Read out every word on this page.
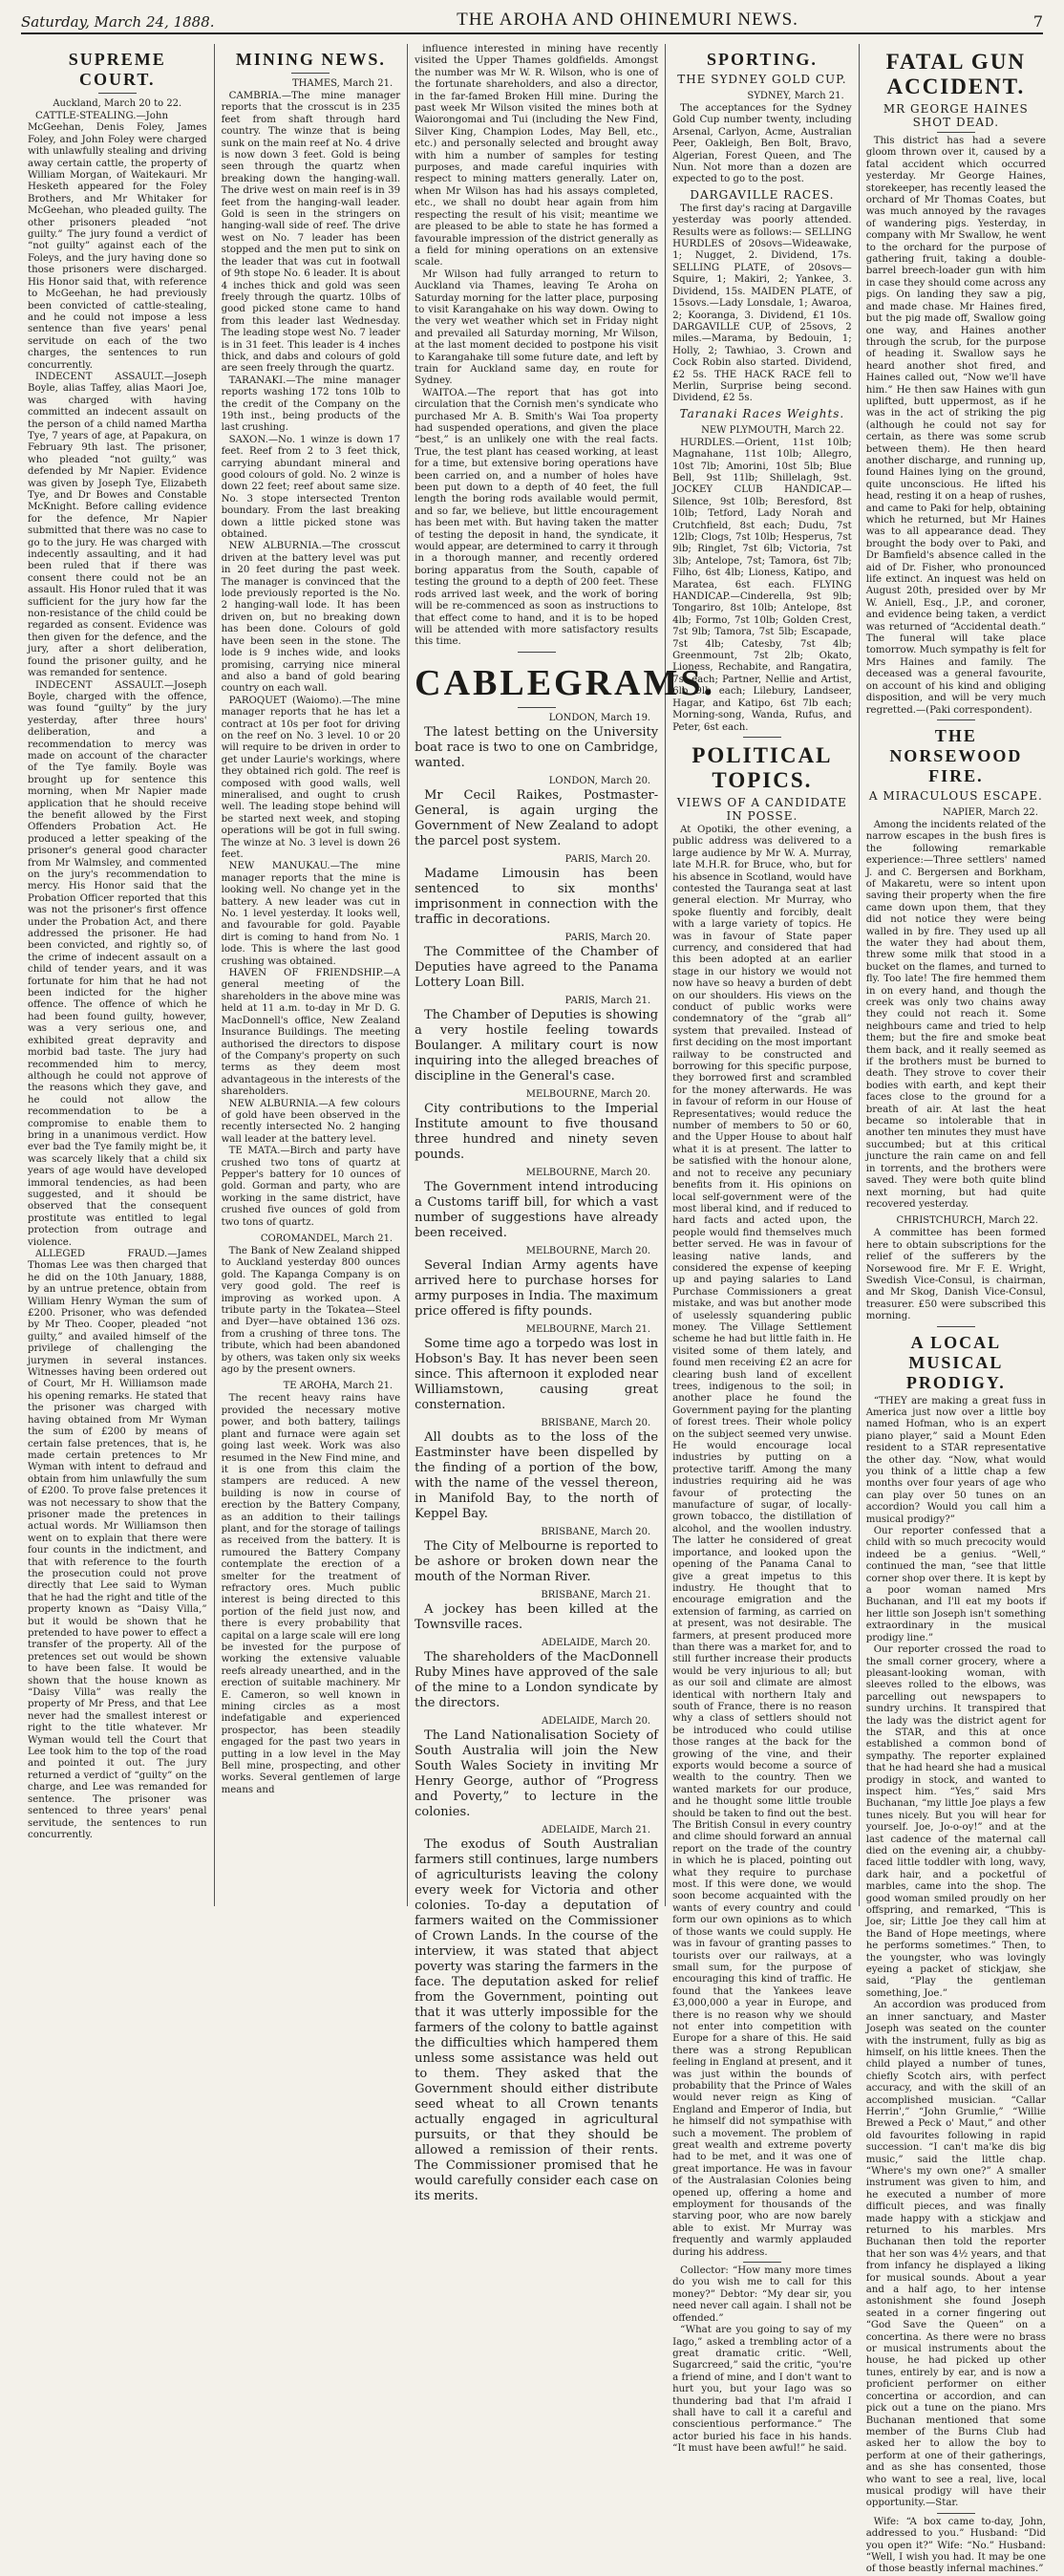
Saturday, March 24, 1888.	THE AROHA AND OHINEMURI NEWS.	7
SUPREME COURT.
Auckland, March 20 to 22.

CATTLE-STEALING.—John McGeehan, Denis Foley, James Foley, and John Foley were charged with unlawfully stealing and driving away certain cattle, the property of William Morgan, of Waitekauri. Mr Hesketh appeared for the Foley Brothers, and Mr Whitaker for McGeehan, who pleaded guilty. The other prisoners pleaded “not guilty.” The jury found a verdict of “not guilty” against each of the Foleys, and the jury having done so those prisoners were discharged. His Honor said that, with reference to McGeehan, he had previously been convicted of cattle-stealing, and he could not impose a less sentence than five years' penal servitude on each of the two charges, the sentences to run concurrently.

INDECENT ASSAULT.—Joseph Boyle, alias Taffey, alias Maori Joe, was charged with having committed an indecent assault on the person of a child named Martha Tye, 7 years of age, at Papakura, on February 9th last. The prisoner, who pleaded “not guilty,” was defended by Mr Napier. Evidence was given by Joseph Tye, Elizabeth Tye, and Dr Bowes and Constable McKnight. Before calling evidence for the defence, Mr Napier submitted that there was no case to go to the jury. He was charged with indecently assaulting, and it had been ruled that if there was consent there could not be an assault. His Honor ruled that it was sufficient for the jury how far the non-resistance of the child could be regarded as consent. Evidence was then given for the defence, and the jury, after a short deliberation, found the prisoner guilty, and he was remanded for sentence.

INDECENT ASSAULT.—Joseph Boyle, charged with the offence, was found “guilty” by the jury yesterday, after three hours' deliberation, and a recommendation to mercy was made on account of the character of the Tye family. Boyle was brought up for sentence this morning, when Mr Napier made application that he should receive the benefit allowed by the First Offenders Probation Act. He produced a letter speaking of the prisoner's general good character from Mr Walmsley, and commented on the jury's recommendation to mercy. His Honor said that the Probation Officer reported that this was not the prisoner's first offence under the Probation Act, and there addressed the prisoner. He had been convicted, and rightly so, of the crime of indecent assault on a child of tender years, and it was fortunate for him that he had not been indicted for the higher offence. The offence of which he had been found guilty, however, was a very serious one, and exhibited great depravity and morbid bad taste. The jury had recommended him to mercy, although he could not approve of the reasons which they gave, and he could not allow the recommendation to be a compromise to enable them to bring in a unanimous verdict. How ever bad the Tye family might be, it was scarcely likely that a child six years of age would have developed immoral tendencies, as had been suggested, and it should be observed that the consequent prostitute was entitled to legal protection from outrage and violence.

ALLEGED FRAUD.—James Thomas Lee was then charged that he did on the 10th January, 1888, by an untrue pretence, obtain from William Henry Wyman the sum of £200. Prisoner, who was defended by Mr Theo. Cooper, pleaded “not guilty,” and availed himself of the privilege of challenging the jurymen in several instances. Witnesses having been ordered out of Court, Mr H. Williamson made his opening remarks. He stated that the prisoner was charged with having obtained from Mr Wyman the sum of £200 by means of certain false pretences, that is, he made certain pretences to Mr Wyman with intent to defraud and obtain from him unlawfully the sum of £200. To prove false pretences it was not necessary to show that the prisoner made the pretences in actual words. Mr Williamson then went on to explain that there were four counts in the indictment, and that with reference to the fourth the prosecution could not prove directly that Lee said to Wyman that he had the right and title of the property known as “Daisy Villa,” but it would be shown that he pretended to have power to effect a transfer of the property. All of the pretences set out would be shown to have been false. It would be shown that the house known as “Daisy Villa” was really the property of Mr Press, and that Lee never had the smallest interest or right to the title whatever. Mr Wyman would tell the Court that Lee took him to the top of the road and pointed it out. The jury returned a verdict of “guilty” on the charge, and Lee was remanded for sentence. The prisoner was sentenced to three years' penal servitude, the sentences to run concurrently.

MINING NEWS.
THAMES, March 21.

CAMBRIA.—The mine manager reports that the crosscut is in 235 feet from shaft through hard country. The winze that is being sunk on the main reef at No. 4 drive is now down 3 feet. Gold is being seen through the quartz when breaking down the hanging-wall. The drive west on main reef is in 39 feet from the hanging-wall leader. Gold is seen in the stringers on hanging-wall side of reef. The drive west on No. 7 leader has been stopped and the men put to sink on the leader that was cut in footwall of 9th stope No. 6 leader. It is about 4 inches thick and gold was seen freely through the quartz. 10lbs of good picked stone came to hand from this leader last Wednesday. The leading stope west No. 7 leader is in 31 feet. This leader is 4 inches thick, and dabs and colours of gold are seen freely through the quartz.

TARANAKI.—The mine manager reports washing 172 tons 10lb to the credit of the Company on the 19th inst., being products of the last crushing.

SAXON.—No. 1 winze is down 17 feet. Reef from 2 to 3 feet thick, carrying abundant mineral and good colours of gold. No. 2 winze is down 22 feet; reef about same size. No. 3 stope intersected Trenton boundary. From the last breaking down a little picked stone was obtained.

NEW ALBURNIA.—The crosscut driven at the battery level was put in 20 feet during the past week. The manager is convinced that the lode previously reported is the No. 2 hanging-wall lode. It has been driven on, but no breaking down has been done. Colours of gold have been seen in the stone. The lode is 9 inches wide, and looks promising, carrying nice mineral and also a band of gold bearing country on each wall.

PAROQUET (Waiomo).—The mine manager reports that he has let a contract at 10s per foot for driving on the reef on No. 3 level. 10 or 20 will require to be driven in order to get under Laurie's workings, where they obtained rich gold. The reef is composed with good walls, well mineralised, and ought to crush well. The leading stope behind will be started next week, and stoping operations will be got in full swing. The winze at No. 3 level is down 26 feet.

NEW MANUKAU.—The mine manager reports that the mine is looking well. No change yet in the battery. A new leader was cut in No. 1 level yesterday. It looks well, and favourable for gold. Payable dirt is coming to hand from No. 1 lode. This is where the last good crushing was obtained.

HAVEN OF FRIENDSHIP.—A general meeting of the shareholders in the above mine was held at 11 a.m. to-day in Mr D. G. MacDonnell's office, New Zealand Insurance Buildings. The meeting authorised the directors to dispose of the Company's property on such terms as they deem most advantageous in the interests of the shareholders.

NEW ALBURNIA.—A few colours of gold have been observed in the recently intersected No. 2 hanging wall leader at the battery level.

TE MATA.—Birch and party have crushed two tons of quartz at Pepper's battery for 10 ounces of gold. Gorman and party, who are working in the same district, have crushed five ounces of gold from two tons of quartz.

COROMANDEL, March 21.

The Bank of New Zealand shipped to Auckland yesterday 800 ounces gold. The Kapanga Company is on very good gold. The reef is improving as worked upon. A tribute party in the Tokatea—Steel and Dyer—have obtained 136 ozs. from a crushing of three tons. The tribute, which had been abandoned by others, was taken only six weeks ago by the present owners.

TE AROHA, March 21.

The recent heavy rains have provided the necessary motive power, and both battery, tailings plant and furnace were again set going last week. Work was also resumed in the New Find mine, and it is one from this claim the stampers are reduced. A new building is now in course of erection by the Battery Company, as an addition to their tailings plant, and for the storage of tailings as received from the battery. It is rumoured the Battery Company contemplate the erection of a smelter for the treatment of refractory ores. Much public interest is being directed to this portion of the field just now, and there is every probability that capital on a large scale will ere long be invested for the purpose of working the extensive valuable reefs already unearthed, and in the erection of suitable machinery. Mr E. Cameron, so well known in mining circles as a most indefatigable and experienced prospector, has been steadily engaged for the past two years in putting in a low level in the May Bell mine, prospecting, and other works. Several gentlemen of large means and

influence interested in mining have recently visited the Upper Thames goldfields. Amongst the number was Mr W. R. Wilson, who is one of the fortunate shareholders, and also a director, in the far-famed Broken Hill mine. During the past week Mr Wilson visited the mines both at Waiorongomai and Tui (including the New Find, Silver King, Champion Lodes, May Bell, etc., etc.) and personally selected and brought away with him a number of samples for testing purposes, and made careful inquiries with respect to mining matters generally. Later on, when Mr Wilson has had his assays completed, etc., we shall no doubt hear again from him respecting the result of his visit; meantime we are pleased to be able to state he has formed a favourable impression of the district generally as a field for mining operations on an extensive scale.

Mr Wilson had fully arranged to return to Auckland via Thames, leaving Te Aroha on Saturday morning for the latter place, purposing to visit Karangahake on his way down. Owing to the very wet weather which set in Friday night and prevailed all Saturday morning, Mr Wilson, at the last moment decided to postpone his visit to Karangahake till some future date, and left by train for Auckland same day, en route for Sydney.

WAITOA.—The report that has got into circulation that the Cornish men's syndicate who purchased Mr A. B. Smith's Wai Toa property had suspended operations, and given the place “best,” is an unlikely one with the real facts. True, the test plant has ceased working, at least for a time, but extensive boring operations have been carried on, and a number of holes have been put down to a depth of 40 feet, the full length the boring rods available would permit, and so far, we believe, but little encouragement has been met with. But having taken the matter of testing the deposit in hand, the syndicate, it would appear, are determined to carry it through in a thorough manner, and recently ordered boring apparatus from the South, capable of testing the ground to a depth of 200 feet. These rods arrived last week, and the work of boring will be re-commenced as soon as instructions to that effect come to hand, and it is to be hoped will be attended with more satisfactory results this time.

CABLEGRAMS.
LONDON, March 19.

The latest betting on the University boat race is two to one on Cambridge, wanted.

LONDON, March 20.

Mr Cecil Raikes, Postmaster-General, is again urging the Government of New Zealand to adopt the parcel post system.

PARIS, March 20.

Madame Limousin has been sentenced to six months' imprisonment in connection with the traffic in decorations.

PARIS, March 20.

The Committee of the Chamber of Deputies have agreed to the Panama Lottery Loan Bill.

PARIS, March 21.

The Chamber of Deputies is showing a very hostile feeling towards Boulanger. A military court is now inquiring into the alleged breaches of discipline in the General's case.

MELBOURNE, March 20.

City contributions to the Imperial Institute amount to five thousand three hundred and ninety seven pounds.

MELBOURNE, March 20.

The Government intend introducing a Customs tariff bill, for which a vast number of suggestions have already been received.

MELBOURNE, March 20.

Several Indian Army agents have arrived here to purchase horses for army purposes in India. The maximum price offered is fifty pounds.

MELBOURNE, March 21.

Some time ago a torpedo was lost in Hobson's Bay. It has never been seen since. This afternoon it exploded near Williamstown, causing great consternation.

BRISBANE, March 20.

All doubts as to the loss of the Eastminster have been dispelled by the finding of a portion of the bow, with the name of the vessel thereon, in Manifold Bay, to the north of Keppel Bay.

BRISBANE, March 20.

The City of Melbourne is reported to be ashore or broken down near the mouth of the Norman River.

BRISBANE, March 21.

A jockey has been killed at the Townsville races.

ADELAIDE, March 20.

The shareholders of the MacDonnell Ruby Mines have approved of the sale of the mine to a London syndicate by the directors.

ADELAIDE, March 20.

The Land Nationalisation Society of South Australia will join the New South Wales Society in inviting Mr Henry George, author of “Progress and Poverty,” to lecture in the colonies.

ADELAIDE, March 21.

The exodus of South Australian farmers still continues, large numbers of agriculturists leaving the colony every week for Victoria and other colonies. To-day a deputation of farmers waited on the Commissioner of Crown Lands. In the course of the interview, it was stated that abject poverty was staring the farmers in the face. The deputation asked for relief from the Government, pointing out that it was utterly impossible for the farmers of the colony to battle against the difficulties which hampered them unless some assistance was held out to them. They asked that the Government should either distribute seed wheat to all Crown tenants actually engaged in agricultural pursuits, or that they should be allowed a remission of their rents. The Commissioner promised that he would carefully consider each case on its merits.

SPORTING.
THE SYDNEY GOLD CUP.
SYDNEY, March 21.

The acceptances for the Sydney Gold Cup number twenty, including Arsenal, Carlyon, Acme, Australian Peer, Oakleigh, Ben Bolt, Bravo, Algerian, Forest Queen, and The Nun. Not more than a dozen are expected to go to the post.

DARGAVILLE RACES.

The first day's racing at Dargaville yesterday was poorly attended. Results were as follows:— SELLING HURDLES of 20sovs—Wideawake, 1; Nugget, 2. Dividend, 17s. SELLING PLATE, of 20sovs—Squire, 1; Makiri, 2; Yankee, 3. Dividend, 15s. MAIDEN PLATE, of 15sovs.—Lady Lonsdale, 1; Awaroa, 2; Kooranga, 3. Dividend, £1 10s. DARGAVILLE CUP, of 25sovs, 2 miles.—Marama, by Bedouin, 1; Holly, 2; Tawhiao, 3. Crown and Cock Robin also started. Dividend, £2 5s. THE HACK RACE fell to Merlin, Surprise being second. Dividend, £2 5s.

Taranaki Races Weights.
NEW PLYMOUTH, March 22.

HURDLES.—Orient, 11st 10lb; Magnahane, 11st 10lb; Allegro, 10st 7lb; Amorini, 10st 5lb; Blue Bell, 9st 11lb; Shillelagh, 9st. JOCKEY CLUB HANDICAP.—Silence, 9st 10lb; Beresford, 8st 10lb; Tetford, Lady Norah and Crutchfield, 8st each; Dudu, 7st 12lb; Clogs, 7st 10lb; Hesperus, 7st 9lb; Ringlet, 7st 6lb; Victoria, 7st 3lb; Antelope, 7st; Tamora, 6st 7lb; Filho, 6st 4lb; Lioness, Katipo, and Maratea, 6st each. FLYING HANDICAP.—Cinderella, 9st 9lb; Tongariro, 8st 10lb; Antelope, 8st 4lb; Formo, 7st 10lb; Golden Crest, 7st 9lb; Tamora, 7st 5lb; Escapade, 7st 4lb; Catesby, 7st 4lb; Greenmount, 7st 2lb; Okato, Lioness, Rechabite, and Rangatira, 7st each; Partner, Nellie and Artist, 6lb 9lb each; Lilebury, Landseer, Hagar, and Katipo, 6st 7lb each; Morning-song, Wanda, Rufus, and Peter, 6st each.

POLITICAL TOPICS.
VIEWS OF A CANDIDATE IN POSSE.

At Opotiki, the other evening, a public address was delivered to a large audience by Mr W. A. Murray, late M.H.R. for Bruce, who, but for his absence in Scotland, would have contested the Tauranga seat at last general election. Mr Murray, who spoke fluently and forcibly, dealt with a large variety of topics. He was in favour of State paper currency, and considered that had this been adopted at an earlier stage in our history we would not now have so heavy a burden of debt on our shoulders. His views on the conduct of public works were condemnatory of the “grab all” system that prevailed. Instead of first deciding on the most important railway to be constructed and borrowing for this specific purpose, they borrowed first and scrambled for the money afterwards. He was in favour of reform in our House of Representatives; would reduce the number of members to 50 or 60, and the Upper House to about half what it is at present. The latter to be satisfied with the honour alone, and not to receive any pecuniary benefits from it. His opinions on local self-government were of the most liberal kind, and if reduced to hard facts and acted upon, the people would find themselves much better served. He was in favour of leasing native lands, and considered the expense of keeping up and paying salaries to Land Purchase Commissioners a great mistake, and was but another mode of uselessly squandering public money. The Village Settlement scheme he had but little faith in. He visited some of them lately, and found men receiving £2 an acre for clearing bush land of excellent trees, indigenous to the soil; in another place he found the Government paying for the planting of forest trees. Their whole policy on the subject seemed very unwise. He would encourage local industries by putting on a protective tariff. Among the many industries requiring aid he was favour of protecting the manufacture of sugar, of locally-grown tobacco, the distillation of alcohol, and the woollen industry. The latter he considered of great importance, and looked upon the opening of the Panama Canal to give a great impetus to this industry. He thought that to encourage emigration and the extension of farming, as carried on at present, was not desirable. The farmers, at present produced more than there was a market for, and to still further increase their products would be very injurious to all; but as our soil and climate are almost identical with northern Italy and south of France, there is no reason why a class of settlers should not be introduced who could utilise those ranges at the back for the growing of the vine, and their exports would become a source of wealth to the country. Then we wanted markets for our produce, and he thought some little trouble should be taken to find out the best. The British Consul in every country and clime should forward an annual report on the trade of the country in which he is placed, pointing out what they require to purchase most. If this were done, we would soon become acquainted with the wants of every country and could form our own opinions as to which of those wants we could supply. He was in favour of granting passes to tourists over our railways, at a small sum, for the purpose of encouraging this kind of traffic. He found that the Yankees leave £3,000,000 a year in Europe, and there is no reason why we should not enter into competition with Europe for a share of this. He said there was a strong Republican feeling in England at present, and it was just within the bounds of probability that the Prince of Wales would never reign as King of England and Emperor of India, but he himself did not sympathise with such a movement. The problem of great wealth and extreme poverty had to be met, and it was one of great importance. He was in favour of the Australasian Colonies being opened up, offering a home and employment for thousands of the starving poor, who are now barely able to exist. Mr Murray was frequently and warmly applauded during his address.

Collector: “How many more times do you wish me to call for this money?” Debtor: “My dear sir, you need never call again. I shall not be offended.”

“What are you going to say of my Iago,” asked a trembling actor of a great dramatic critic. “Well, Sugarcreed,” said the critic, “you're a friend of mine, and I don't want to hurt you, but your Iago was so thundering bad that I'm afraid I shall have to call it a careful and conscientious performance.” The actor buried his face in his hands. “It must have been awful!” he said.

FATAL GUN ACCIDENT.
MR GEORGE HAINES SHOT DEAD.

This district has had a severe gloom thrown over it, caused by a fatal accident which occurred yesterday. Mr George Haines, storekeeper, has recently leased the orchard of Mr Thomas Coates, but was much annoyed by the ravages of wandering pigs. Yesterday, in company with Mr Swallow, he went to the orchard for the purpose of gathering fruit, taking a double-barrel breech-loader gun with him in case they should come across any pigs. On landing they saw a pig, and made chase. Mr Haines fired, but the pig made off, Swallow going one way, and Haines another through the scrub, for the purpose of heading it. Swallow says he heard another shot fired, and Haines called out, “Now we'll have him.” He then saw Haines with gun uplifted, butt uppermost, as if he was in the act of striking the pig (although he could not say for certain, as there was some scrub between them). He then heard another discharge, and running up, found Haines lying on the ground, quite unconscious. He lifted his head, resting it on a heap of rushes, and came to Paki for help, obtaining which he returned, but Mr Haines was to all appearance dead. They brought the body over to Paki, and Dr Bamfield's absence called in the aid of Dr. Fisher, who pronounced life extinct. An inquest was held on August 20th, presided over by Mr W. Aniell, Esq., J.P., and coroner, and evidence being taken, a verdict was returned of “Accidental death.” The funeral will take place tomorrow. Much sympathy is felt for Mrs Haines and family. The deceased was a general favourite, on account of his kind and obliging disposition, and will be very much regretted.—(Paki correspondent).

THE NORSEWOOD FIRE.
A MIRACULOUS ESCAPE.
NAPIER, March 22.

Among the incidents related of the narrow escapes in the bush fires is the following remarkable experience:—Three settlers' named J. and C. Bergersen and Borkham, of Makaretu, were so intent upon saving their property when the fire came down upon them, that they did not notice they were being walled in by fire. They used up all the water they had about them, threw some milk that stood in a bucket on the flames, and turned to fly. Too late! The fire hemmed them in on every hand, and though the creek was only two chains away they could not reach it. Some neighbours came and tried to help them; but the fire and smoke beat them back, and it really seemed as if the brothers must be burned to death. They strove to cover their bodies with earth, and kept their faces close to the ground for a breath of air. At last the heat became so intolerable that in another ten minutes they must have succumbed; but at this critical juncture the rain came on and fell in torrents, and the brothers were saved. They were both quite blind next morning, but had quite recovered yesterday.

CHRISTCHURCH, March 22.

A committee has been formed here to obtain subscriptions for the relief of the sufferers by the Norsewood fire. Mr F. E. Wright, Swedish Vice-Consul, is chairman, and Mr Skog, Danish Vice-Consul, treasurer. £50 were subscribed this morning.

A LOCAL MUSICAL PRODIGY.

“THEY are making a great fuss in America just now over a little boy named Hofman, who is an expert piano player,” said a Mount Eden resident to a STAR representative the other day. “Now, what would you think of a little chap a few months over four years of age who can play over 50 tunes on an accordion? Would you call him a musical prodigy?”

Our reporter confessed that a child with so much precocity would indeed be a genius. “Well,” continued the man, “see that little corner shop over there. It is kept by a poor woman named Mrs Buchanan, and I'll eat my boots if her little son Joseph isn't something extraordinary in the musical prodigy line.”

Our reporter crossed the road to the small corner grocery, where a pleasant-looking woman, with sleeves rolled to the elbows, was parcelling out newspapers to sundry urchins. It transpired that the lady was the district agent for the STAR, and this at once established a common bond of sympathy. The reporter explained that he had heard she had a musical prodigy in stock, and wanted to inspect him. “Yes,” said Mrs Buchanan, “my little Joe plays a few tunes nicely. But you will hear for yourself. Joe, Jo-o-oy!” and at the last cadence of the maternal call died on the evening air, a chubby-faced little toddler with long, wavy, dark hair, and a pocketful of marbles, came into the shop. The good woman smiled proudly on her offspring, and remarked, “This is Joe, sir; Little Joe they call him at the Band of Hope meetings, where he performs sometimes.” Then, to the youngster, who was lovingly eyeing a packet of stickjaw, she said, “Play the gentleman something, Joe.”

An accordion was produced from an inner sanctuary, and Master Joseph was seated on the counter with the instrument, fully as big as himself, on his little knees. Then the child played a number of tunes, chiefly Scotch airs, with perfect accuracy, and with the skill of an accomplished musician. “Callar Herrin',” “John Grumlie,” “Willie Brewed a Peck o' Maut,” and other old favourites following in rapid succession. “I can't ma'ke dis big music,” said the little chap. “Where's my own one?” A smaller instrument was given to him, and he executed a number of more difficult pieces, and was finally made happy with a stickjaw and returned to his marbles. Mrs Buchanan then told the reporter that her son was 4½ years, and that from infancy he displayed a liking for musical sounds. About a year and a half ago, to her intense astonishment she found Joseph seated in a corner fingering out “God Save the Queen” on a concertina. As there were no brass or musical instruments about the house, he had picked up other tunes, entirely by ear, and is now a proficient performer on either concertina or accordion, and can pick out a tune on the piano. Mrs Buchanan mentioned that some member of the Burns Club had asked her to allow the boy to perform at one of their gatherings, and as she has consented, those who want to see a real, live, local musical prodigy will have their opportunity.—Star.

Wife: “A box came to-day, John, addressed to you.” Husband: “Did you open it?” Wife: “No.” Husband: “Well, I wish you had. It may be one of those beastly infernal machines.”
